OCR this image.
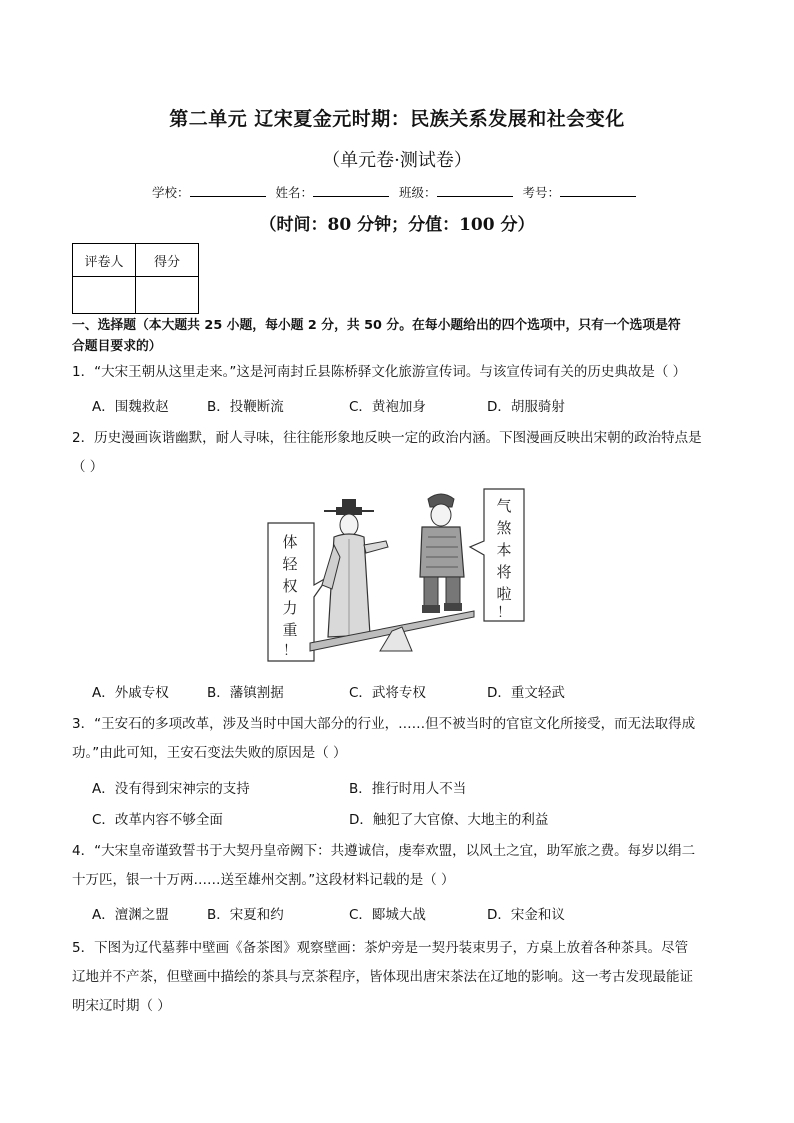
第二单元 辽宋夏金元时期：民族关系发展和社会变化
（单元卷·测试卷）
学校：	姓名：	班级：	考号：
（时间：80 分钟；分值：100 分）
评卷人	得分

一、选择题（本大题共 25 小题，每小题 2 分，共 50 分。在每小题给出的四个选项中，只有一个选项是符
合题目要求的）
1．“大宋王朝从这里走来。”这是河南封丘县陈桥驿文化旅游宣传词。与该宣传词有关的历史典故是（ ）
A．围魏救赵	B．投鞭断流	C．黄袍加身	D．胡服骑射
2．历史漫画诙谐幽默，耐人寻味，往往能形象地反映一定的政治内涵。下图漫画反映出宋朝的政治特点是
（ ）
体
轻
权
力
重
！
气
煞
本
将
啦
！
A．外戚专权	B．藩镇割据	C．武将专权	D．重文轻武
3．“王安石的多项改革，涉及当时中国大部分的行业，……但不被当时的官宦文化所接受，而无法取得成
功。”由此可知，王安石变法失败的原因是（ ）
A．没有得到宋神宗的支持	B．推行时用人不当
C．改革内容不够全面	D．触犯了大官僚、大地主的利益
4．“大宋皇帝谨致誓书于大契丹皇帝阙下：共遵诚信，虔奉欢盟，以风土之宜，助军旅之费。每岁以绢二
十万匹，银一十万两……送至雄州交割。”这段材料记载的是（ ）
A．澶渊之盟	B．宋夏和约	C．郾城大战	D．宋金和议
5．下图为辽代墓葬中壁画《备茶图》观察壁画：茶炉旁是一契丹装束男子，方桌上放着各种茶具。尽管
辽地并不产茶，但壁画中描绘的茶具与烹茶程序，皆体现出唐宋茶法在辽地的影响。这一考古发现最能证
明宋辽时期（ ）
